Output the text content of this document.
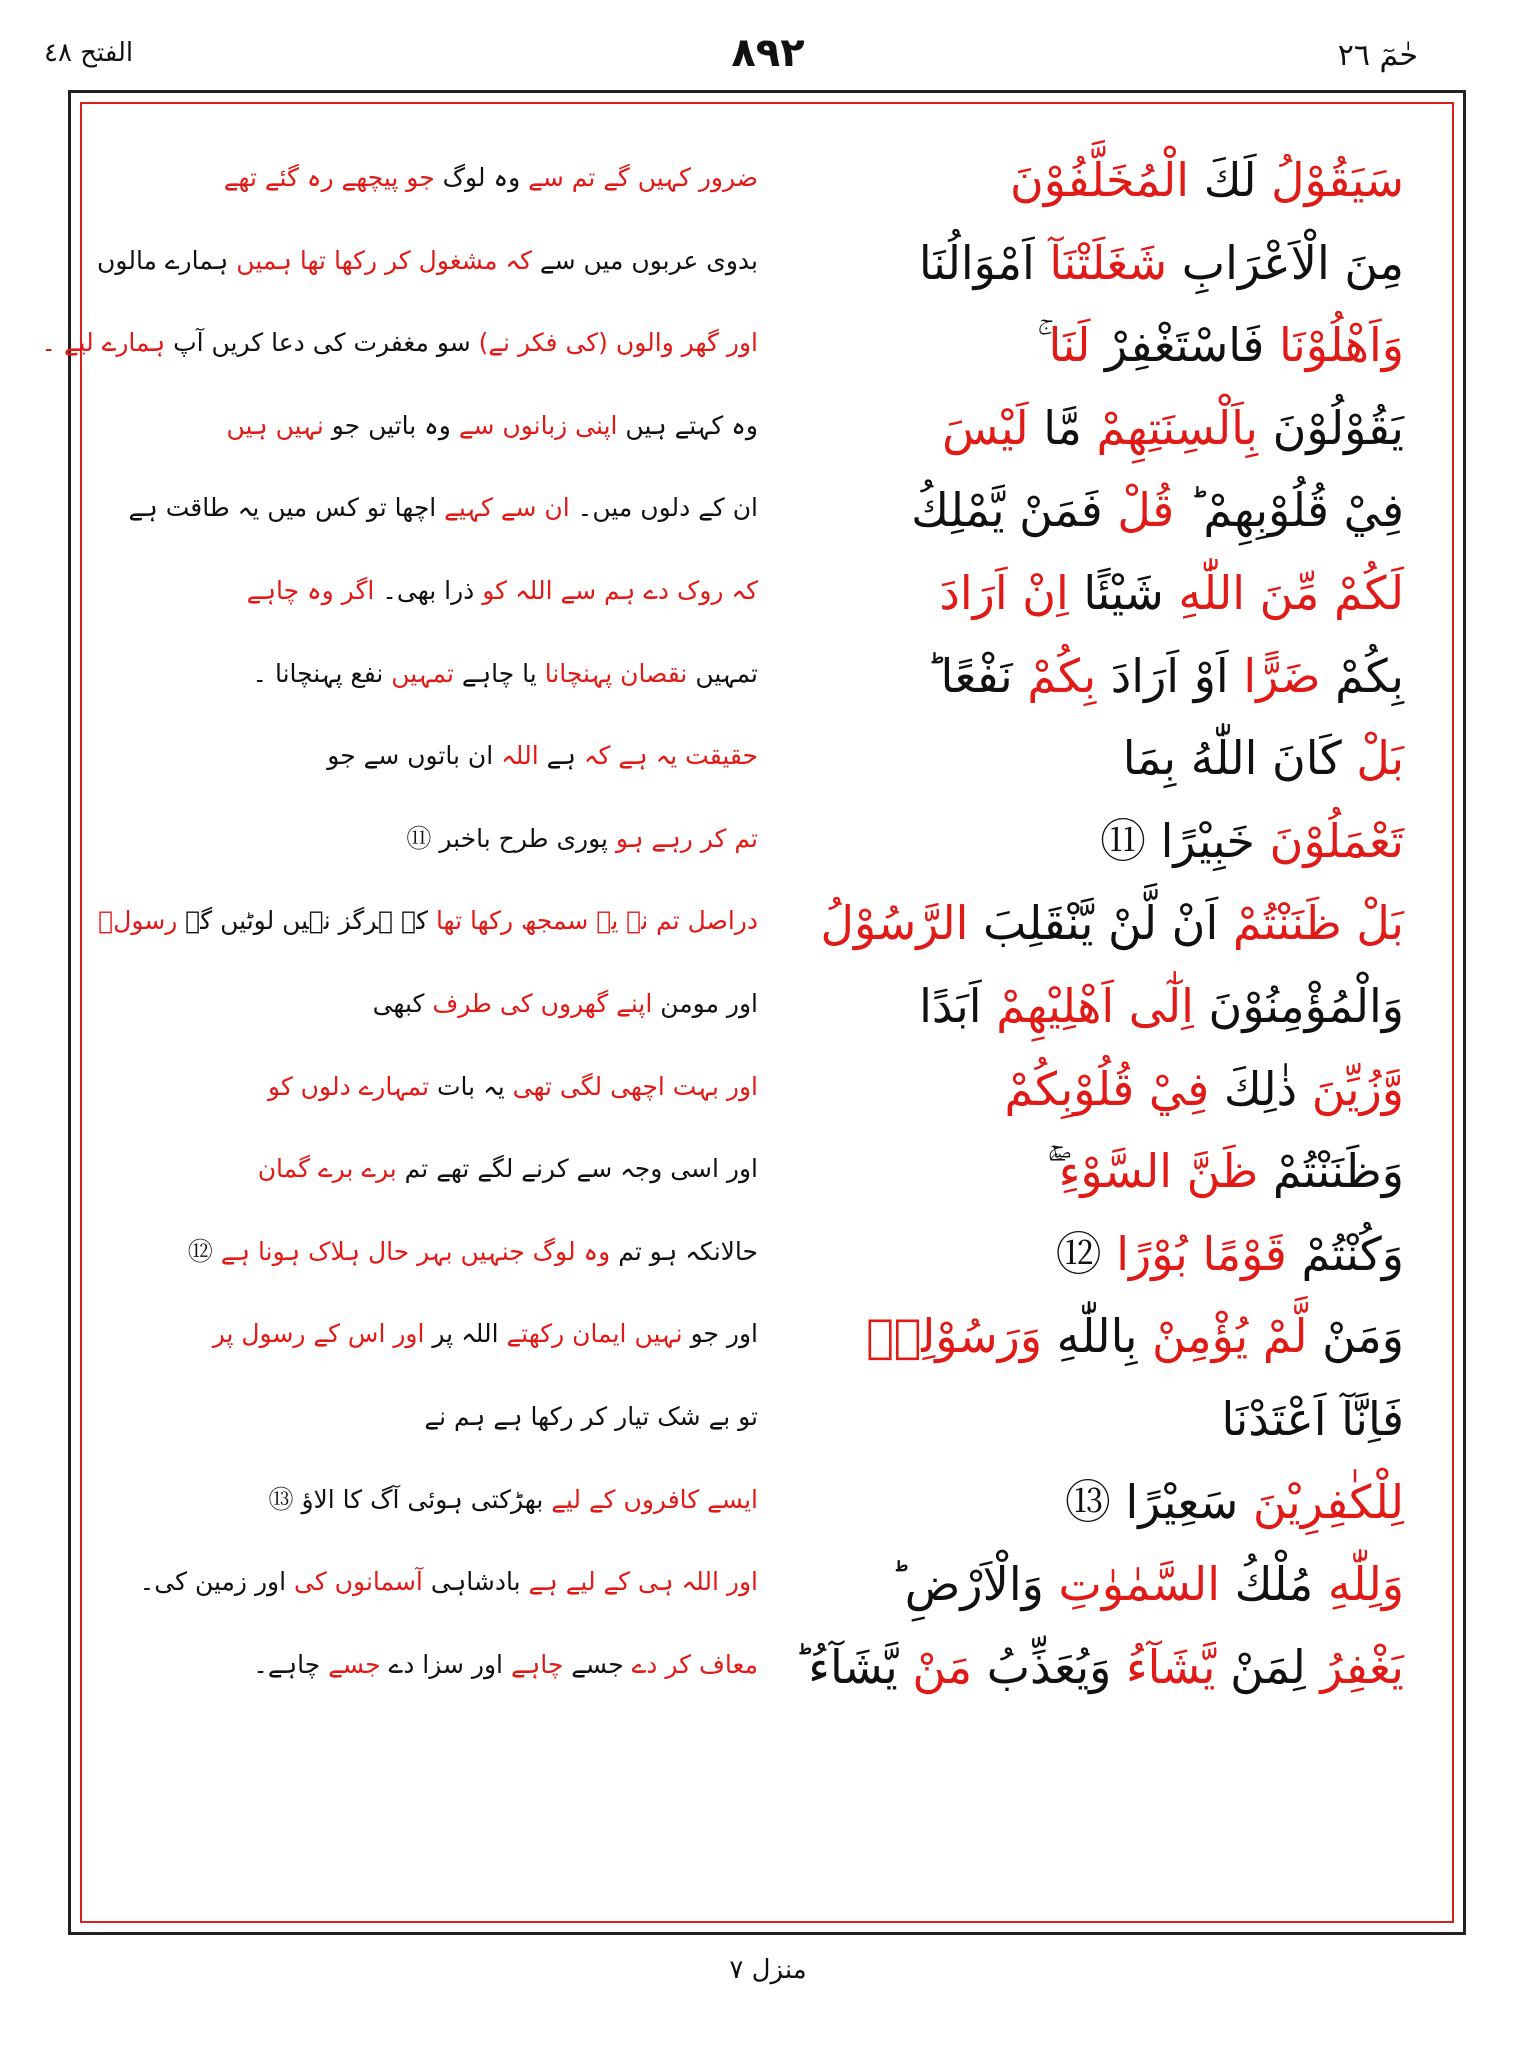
الفتح ٤٨	٨٩٢	حٰمٓ ٢٦
سَيَقُوْلُ لَكَ الْمُخَلَّفُوْنَ
ضرور کہیں گے تم سے وہ لوگ جو پیچھے رہ گئے تھے
مِنَ الْاَعْرَابِ شَغَلَتْنَآ اَمْوَالُنَا
بدوی عربوں میں سے کہ مشغول کر رکھا تھا ہمیں ہمارے مالوں
وَاَهْلُوْنَا فَاسْتَغْفِرْ لَنَا ۚ
اور گھر والوں (کی فکر نے) سو مغفرت کی دعا کریں آپ ہمارے لیے ۔
يَقُوْلُوْنَ بِاَلْسِنَتِهِمْ مَّا لَيْسَ
وہ کہتے ہیں اپنی زبانوں سے وہ باتیں جو نہیں ہیں
فِيْ قُلُوْبِهِمْ ؕ قُلْ فَمَنْ يَّمْلِكُ
ان کے دلوں میں۔ ان سے کہیے اچھا تو کس میں یہ طاقت ہے
لَكُمْ مِّنَ اللّٰهِ شَيْئًا اِنْ اَرَادَ
کہ روک دے ہم سے اللہ کو ذرا بھی۔ اگر وہ چاہے
بِكُمْ ضَرًّا اَوْ اَرَادَ بِكُمْ نَفْعًا ؕ
تمہیں نقصان پہنچانا یا چاہے تمہیں نفع پہنچانا ۔
بَلْ كَانَ اللّٰهُ بِمَا
حقیقت یہ ہے کہ ہے اللہ ان باتوں سے جو
تَعْمَلُوْنَ خَبِيْرًا ⑪
تم کر رہے ہو پوری طرح باخبر ⑪
بَلْ ظَنَنْتُمْ اَنْ لَّنْ يَّنْقَلِبَ الرَّسُوْلُ
دراصل تم نے یہ سمجھ رکھا تھا کہ ہرگز نہیں لوٹیں گے رسولؐ
وَالْمُؤْمِنُوْنَ اِلٰٓى اَهْلِيْهِمْ اَبَدًا
اور مومن اپنے گھروں کی طرف کبھی
وَّزُيِّنَ ذٰلِكَ فِيْ قُلُوْبِكُمْ
اور بہت اچھی لگی تھی یہ بات تمہارے دلوں کو
وَظَنَنْتُمْ ظَنَّ السَّوْءِ ۖۚ
اور اسی وجہ سے کرنے لگے تھے تم برے برے گمان
وَكُنْتُمْ قَوْمًا بُوْرًا ⑫
حالانکہ ہو تم وہ لوگ جنہیں بہر حال ہلاک ہونا ہے ⑫
وَمَنْ لَّمْ يُؤْمِنْ بِاللّٰهِ وَرَسُوْلِهٖ
اور جو نہیں ایمان رکھتے اللہ پر اور اس کے رسول پر
فَاِنَّآ اَعْتَدْنَا
تو بے شک تیار کر رکھا ہے ہم نے
لِلْكٰفِرِيْنَ سَعِيْرًا ⑬
ایسے کافروں کے لیے بھڑکتی ہوئی آگ کا الاؤ ⑬
وَلِلّٰهِ مُلْكُ السَّمٰوٰتِ وَالْاَرْضِ ؕ
اور اللہ ہی کے لیے ہے بادشاہی آسمانوں کی اور زمین کی۔
يَغْفِرُ لِمَنْ يَّشَآءُ وَيُعَذِّبُ مَنْ يَّشَآءُ ؕ
معاف کر دے جسے چاہے اور سزا دے جسے چاہے۔
منزل ٧
